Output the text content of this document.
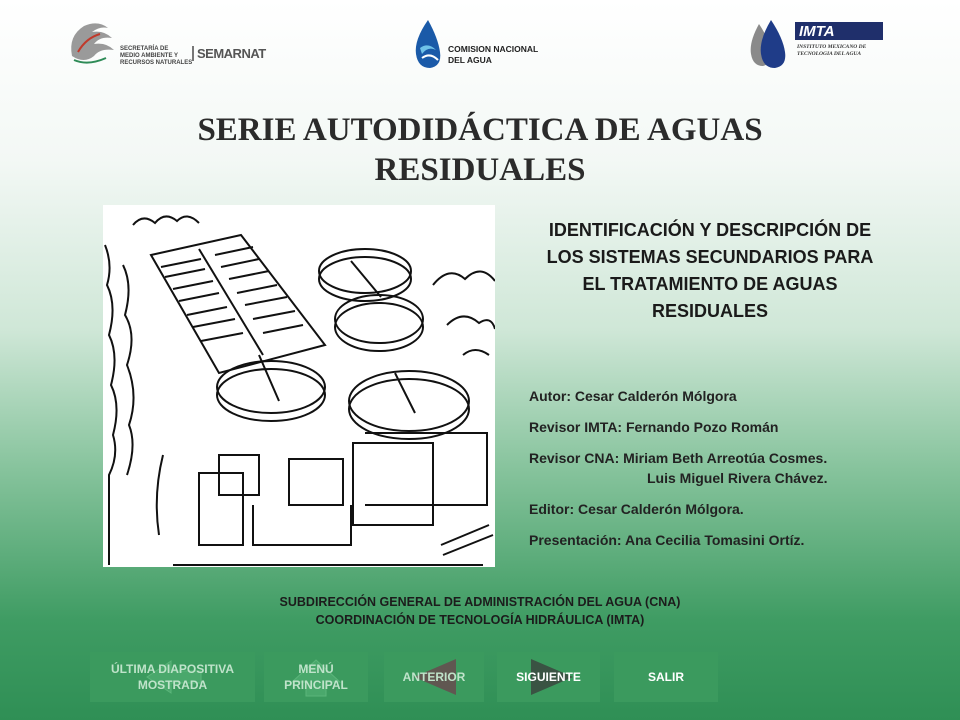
SECRETARÍA DE
MEDIO AMBIENTE Y
RECURSOS NATURALES
SEMARNAT	COMISION NACIONAL
DEL AGUA
IMTA
INSTITUTO MEXICANO DE
TECNOLOGIA DEL AGUA
SERIE AUTODIDÁCTICA DE AGUAS RESIDUALES
IDENTIFICACIÓN Y DESCRIPCIÓN DE LOS SISTEMAS SECUNDARIOS PARA EL TRATAMIENTO DE AGUAS RESIDUALES
Autor: Cesar Calderón Mólgora
Revisor IMTA: Fernando Pozo Román
Revisor CNA: Miriam Beth Arreotúa Cosmes.
Luis Miguel Rivera Chávez.
Editor: Cesar Calderón Mólgora.
Presentación: Ana Cecilia Tomasini Ortíz.
SUBDIRECCIÓN GENERAL DE ADMINISTRACIÓN DEL AGUA (CNA)
COORDINACIÓN DE TECNOLOGÍA HIDRÁULICA (IMTA)
ÚLTIMA DIAPOSITIVA MOSTRADA
MENÚ PRINCIPAL
ANTERIOR	SIGUIENTE	SALIR
